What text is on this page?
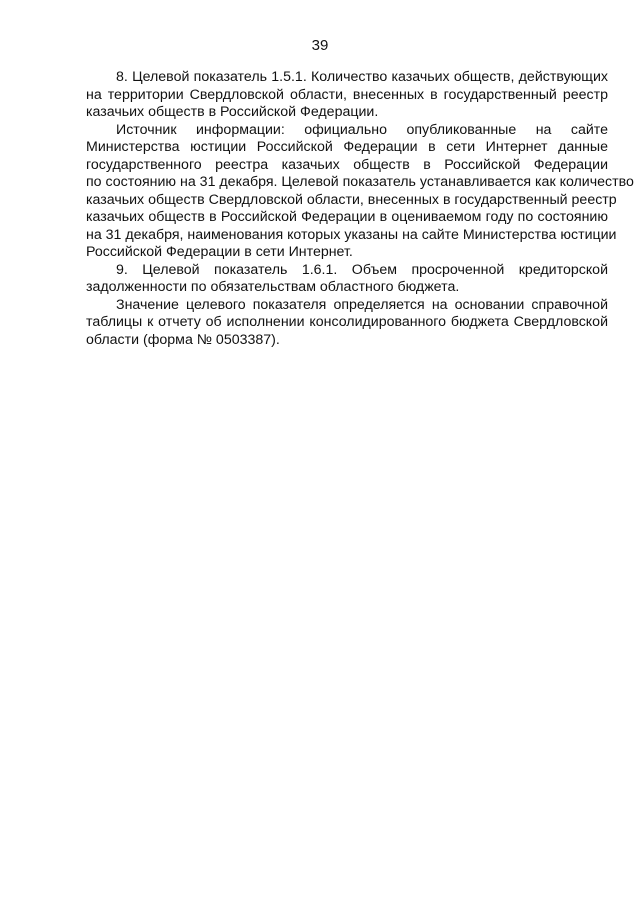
39
8. Целевой показатель 1.5.1. Количество казачьих обществ, действующих
на территории Свердловской области, внесенных в государственный реестр
казачьих обществ в Российской Федерации.
Источник информации: официально опубликованные на сайте
Министерства юстиции Российской Федерации в сети Интернет данные
государственного реестра казачьих обществ в Российской Федерации
по состоянию на 31 декабря. Целевой показатель устанавливается как количество
казачьих обществ Свердловской области, внесенных в государственный реестр
казачьих обществ в Российской Федерации в оцениваемом году по состоянию
на 31 декабря, наименования которых указаны на сайте Министерства юстиции
Российской Федерации в сети Интернет.
9. Целевой показатель 1.6.1. Объем просроченной кредиторской
задолженности по обязательствам областного бюджета.
Значение целевого показателя определяется на основании справочной
таблицы к отчету об исполнении консолидированного бюджета Свердловской
области (форма № 0503387).
